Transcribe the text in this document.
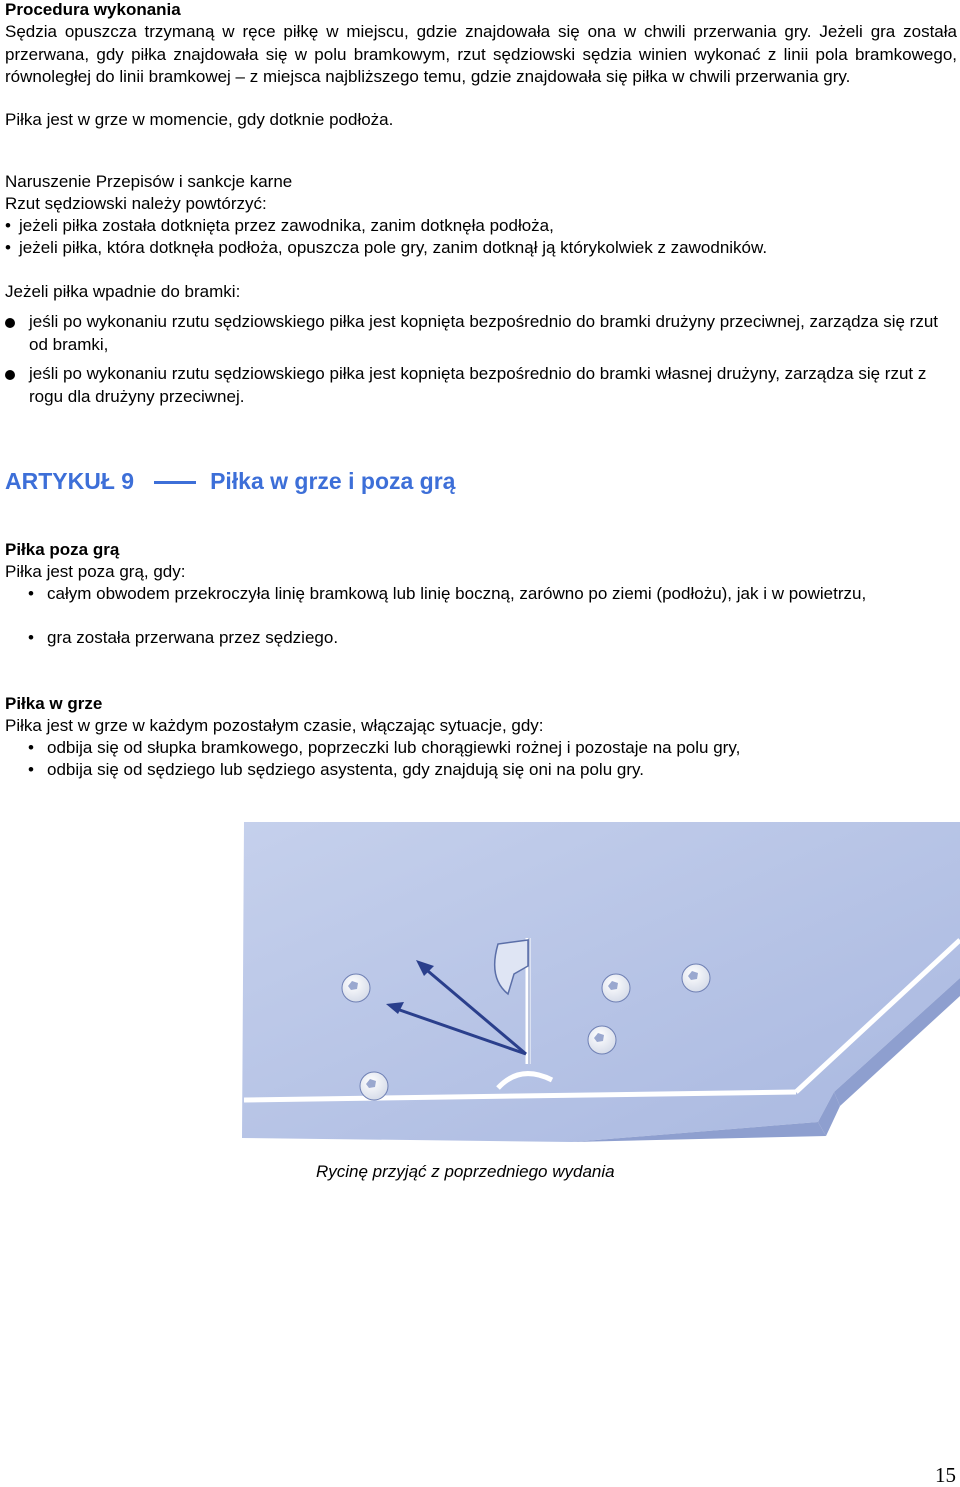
Procedura wykonania
Sędzia opuszcza trzymaną w ręce piłkę w miejscu, gdzie znajdowała się ona w chwili przerwania gry. Jeżeli gra została przerwana, gdy piłka znajdowała się w polu bramkowym, rzut sędziowski sędzia winien wykonać z linii pola bramkowego, równoległej do linii bramkowej – z miejsca najbliższego temu, gdzie znajdowała się piłka w chwili przerwania gry.
Piłka jest w grze w momencie, gdy dotknie podłoża.
Naruszenie Przepisów i sankcje karne
Rzut sędziowski należy powtórzyć:
• jeżeli piłka została dotknięta przez zawodnika, zanim dotknęła podłoża,
• jeżeli piłka, która dotknęła podłoża, opuszcza pole gry, zanim dotknął ją którykolwiek z zawodników.
Jeżeli piłka wpadnie do bramki:
jeśli po wykonaniu rzutu sędziowskiego piłka jest kopnięta bezpośrednio do bramki drużyny przeciwnej, zarządza się rzut od bramki,
jeśli po wykonaniu rzutu sędziowskiego piłka jest kopnięta bezpośrednio do bramki własnej drużyny, zarządza się rzut z rogu dla drużyny przeciwnej.
ARTYKUŁ 9	Piłka w grze i poza grą
Piłka poza grą
Piłka jest poza grą, gdy:
• całym obwodem przekroczyła linię bramkową lub linię boczną, zarówno po ziemi (podłożu), jak i w powietrzu,
• gra została przerwana przez sędziego.
Piłka w grze
Piłka jest w grze w każdym pozostałym czasie, włączając sytuacje, gdy:
• odbija się od słupka bramkowego, poprzeczki lub chorągiewki rożnej i pozostaje na polu gry,
• odbija się od sędziego lub sędziego asystenta, gdy znajdują się oni na polu gry.
Rycinę przyjąć z poprzedniego wydania
15
